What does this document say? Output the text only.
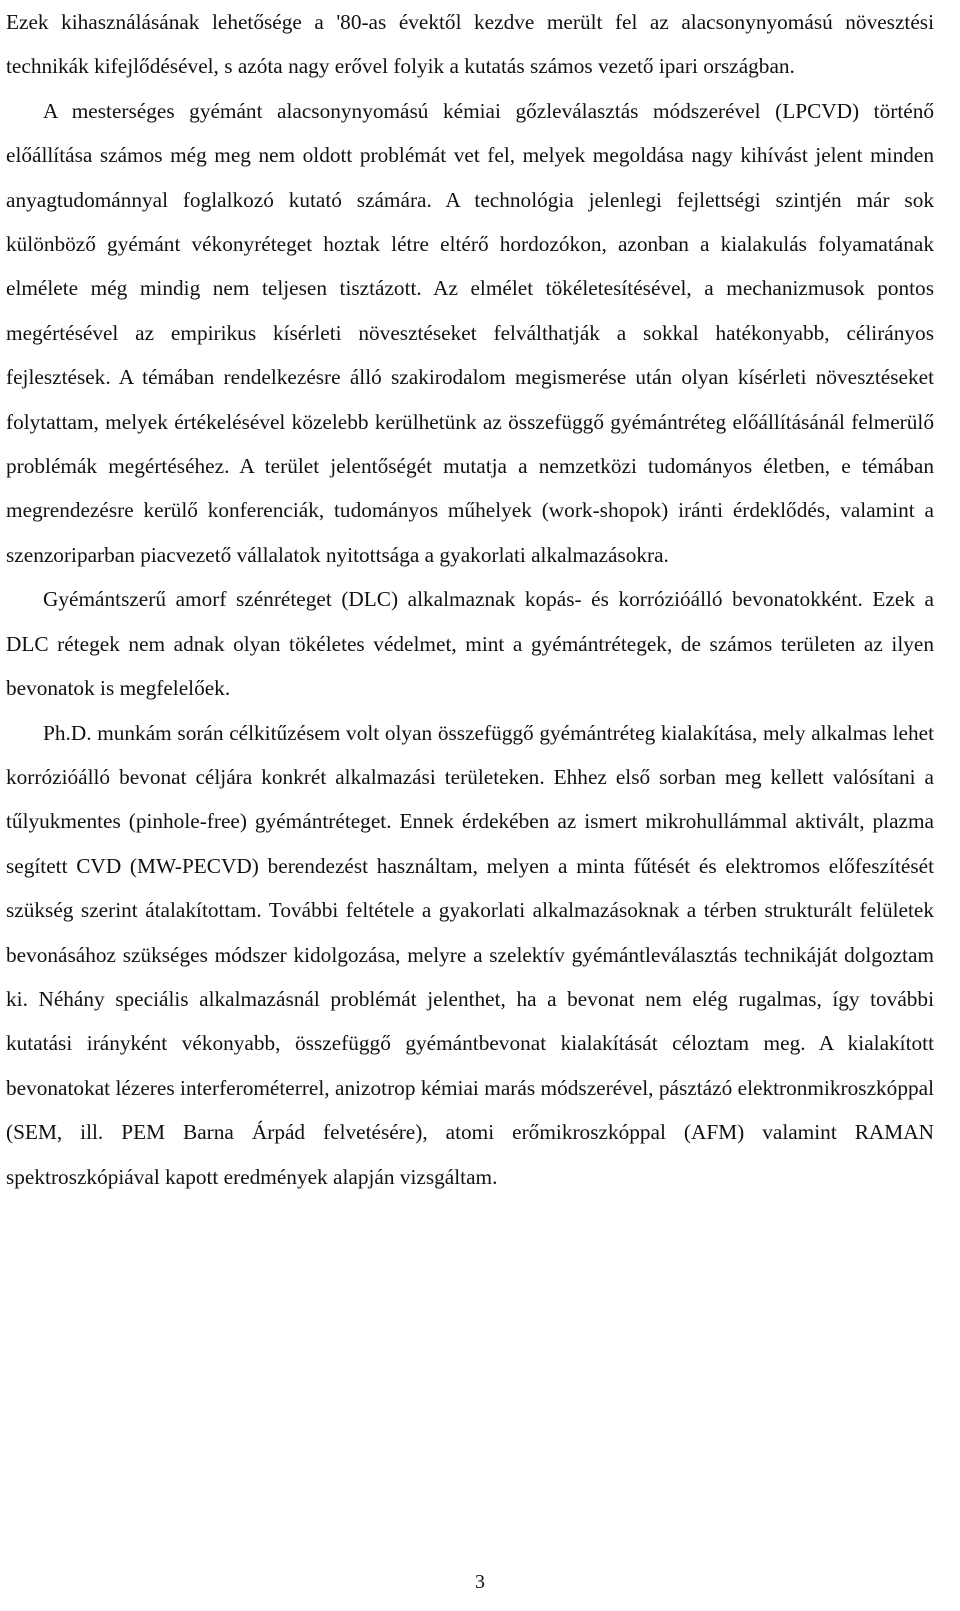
Ezek kihasználásának lehetősége a '80-as évektől kezdve merült fel az alacsonynyomású növesztési technikák kifejlődésével, s azóta nagy erővel folyik a kutatás számos vezető ipari országban.

A mesterséges gyémánt alacsonynyomású kémiai gőzleválasztás módszerével (LPCVD) történő előállítása számos még meg nem oldott problémát vet fel, melyek megoldása nagy kihívást jelent minden anyagtudománnyal foglalkozó kutató számára. A technológia jelenlegi fejlettségi szintjén már sok különböző gyémánt vékonyréteget hoztak létre eltérő hordozókon, azonban a kialakulás folyamatának elmélete még mindig nem teljesen tisztázott. Az elmélet tökéletesítésével, a mechanizmusok pontos megértésével az empirikus kísérleti növesztéseket felválthatják a sokkal hatékonyabb, célirányos fejlesztések. A témában rendelkezésre álló szakirodalom megismerése után olyan kísérleti növesztéseket folytattam, melyek értékelésével közelebb kerülhetünk az összefüggő gyémántréteg előállításánál felmerülő problémák megértéséhez. A terület jelentőségét mutatja a nemzetközi tudományos életben, e témában megrendezésre kerülő konferenciák, tudományos műhelyek (work-shopok) iránti érdeklődés, valamint a szenzoriparban piacvezető vállalatok nyitottsága a gyakorlati alkalmazásokra.

Gyémántszerű amorf szénréteget (DLC) alkalmaznak kopás- és korrózióálló bevonatokként. Ezek a DLC rétegek nem adnak olyan tökéletes védelmet, mint a gyémántrétegek, de számos területen az ilyen bevonatok is megfelelőek.

Ph.D. munkám során célkitűzésem volt olyan összefüggő gyémántréteg kialakítása, mely alkalmas lehet korrózióálló bevonat céljára konkrét alkalmazási területeken. Ehhez első sorban meg kellett valósítani a tűlyukmentes (pinhole-free) gyémántréteget. Ennek érdekében az ismert mikrohullámmal aktivált, plazma segített CVD (MW-PECVD) berendezést használtam, melyen a minta fűtését és elektromos előfeszítését szükség szerint átalakítottam. További feltétele a gyakorlati alkalmazásoknak a térben strukturált felületek bevonásához szükséges módszer kidolgozása, melyre a szelektív gyémántleválasztás technikáját dolgoztam ki. Néhány speciális alkalmazásnál problémát jelenthet, ha a bevonat nem elég rugalmas, így további kutatási irányként vékonyabb, összefüggő gyémántbevonat kialakítását céloztam meg. A kialakított bevonatokat lézeres interferométerrel, anizotrop kémiai marás módszerével, pásztázó elektronmikroszkóppal (SEM, ill. PEM Barna Árpád felvetésére), atomi erőmikroszkóppal (AFM) valamint RAMAN spektroszkópiával kapott eredmények alapján vizsgáltam.

3
